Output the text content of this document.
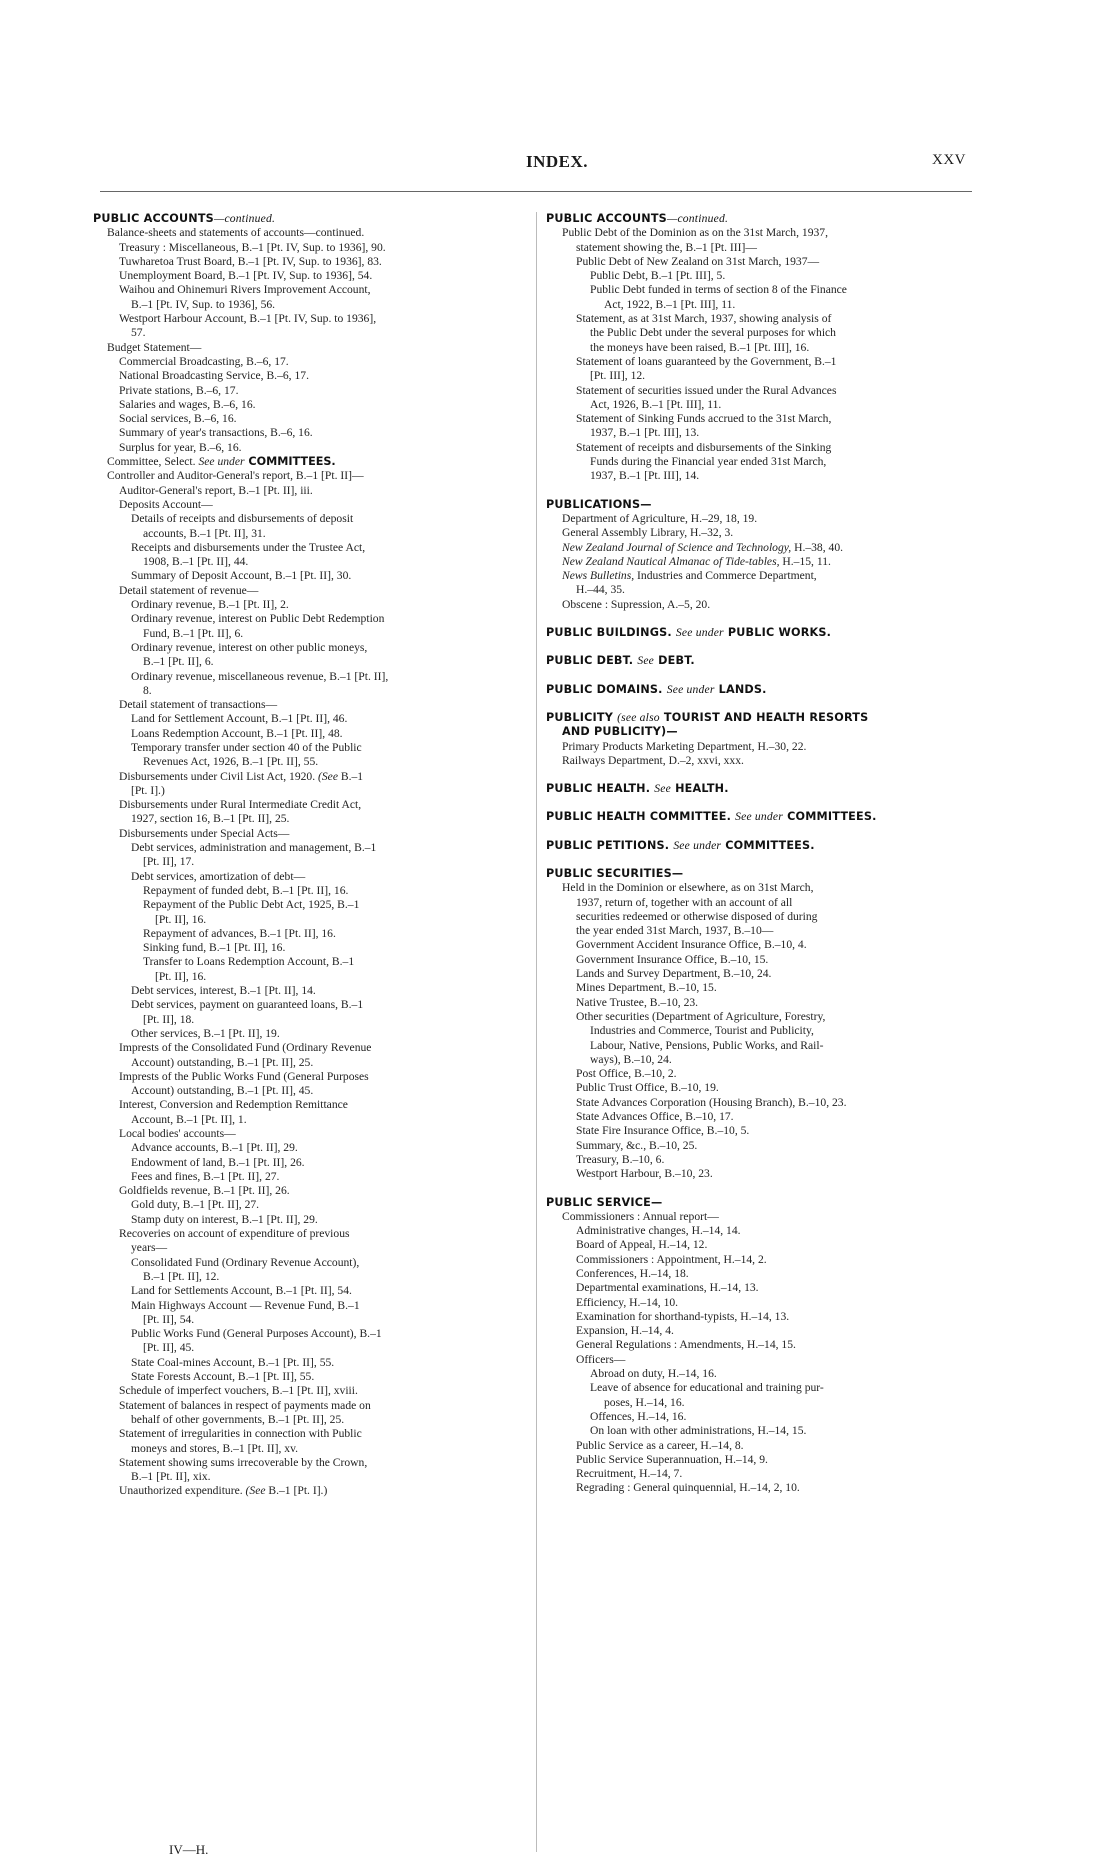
INDEX.	XXV
PUBLIC ACCOUNTS—continued.
Balance-sheets and statements of accounts—continued.
Treasury : Miscellaneous, B.–1 [Pt. IV, Sup. to 1936], 90.
Tuwharetoa Trust Board, B.–1 [Pt. IV, Sup. to 1936], 83.
Unemployment Board, B.–1 [Pt. IV, Sup. to 1936], 54.
Waihou and Ohinemuri Rivers Improvement Account,
B.–1 [Pt. IV, Sup. to 1936], 56.
Westport Harbour Account, B.–1 [Pt. IV, Sup. to 1936],
57.
Budget Statement—
Commercial Broadcasting, B.–6, 17.
National Broadcasting Service, B.–6, 17.
Private stations, B.–6, 17.
Salaries and wages, B.–6, 16.
Social services, B.–6, 16.
Summary of year's transactions, B.–6, 16.
Surplus for year, B.–6, 16.
Committee, Select. See under COMMITTEES.
Controller and Auditor-General's report, B.–1 [Pt. II]—
Auditor-General's report, B.–1 [Pt. II], iii.
Deposits Account—
Details of receipts and disbursements of deposit
accounts, B.–1 [Pt. II], 31.
Receipts and disbursements under the Trustee Act,
1908, B.–1 [Pt. II], 44.
Summary of Deposit Account, B.–1 [Pt. II], 30.
Detail statement of revenue—
Ordinary revenue, B.–1 [Pt. II], 2.
Ordinary revenue, interest on Public Debt Redemption
Fund, B.–1 [Pt. II], 6.
Ordinary revenue, interest on other public moneys,
B.–1 [Pt. II], 6.
Ordinary revenue, miscellaneous revenue, B.–1 [Pt. II],
8.
Detail statement of transactions—
Land for Settlement Account, B.–1 [Pt. II], 46.
Loans Redemption Account, B.–1 [Pt. II], 48.
Temporary transfer under section 40 of the Public
Revenues Act, 1926, B.–1 [Pt. II], 55.
Disbursements under Civil List Act, 1920. (See B.–1
[Pt. I].)
Disbursements under Rural Intermediate Credit Act,
1927, section 16, B.–1 [Pt. II], 25.
Disbursements under Special Acts—
Debt services, administration and management, B.–1
[Pt. II], 17.
Debt services, amortization of debt—
Repayment of funded debt, B.–1 [Pt. II], 16.
Repayment of the Public Debt Act, 1925, B.–1
[Pt. II], 16.
Repayment of advances, B.–1 [Pt. II], 16.
Sinking fund, B.–1 [Pt. II], 16.
Transfer to Loans Redemption Account, B.–1
[Pt. II], 16.
Debt services, interest, B.–1 [Pt. II], 14.
Debt services, payment on guaranteed loans, B.–1
[Pt. II], 18.
Other services, B.–1 [Pt. II], 19.
Imprests of the Consolidated Fund (Ordinary Revenue
Account) outstanding, B.–1 [Pt. II], 25.
Imprests of the Public Works Fund (General Purposes
Account) outstanding, B.–1 [Pt. II], 45.
Interest, Conversion and Redemption Remittance
Account, B.–1 [Pt. II], 1.
Local bodies' accounts—
Advance accounts, B.–1 [Pt. II], 29.
Endowment of land, B.–1 [Pt. II], 26.
Fees and fines, B.–1 [Pt. II], 27.
Goldfields revenue, B.–1 [Pt. II], 26.
Gold duty, B.–1 [Pt. II], 27.
Stamp duty on interest, B.–1 [Pt. II], 29.
Recoveries on account of expenditure of previous
years—
Consolidated Fund (Ordinary Revenue Account),
B.–1 [Pt. II], 12.
Land for Settlements Account, B.–1 [Pt. II], 54.
Main Highways Account — Revenue Fund, B.–1
[Pt. II], 54.
Public Works Fund (General Purposes Account), B.–1
[Pt. II], 45.
State Coal-mines Account, B.–1 [Pt. II], 55.
State Forests Account, B.–1 [Pt. II], 55.
Schedule of imperfect vouchers, B.–1 [Pt. II], xviii.
Statement of balances in respect of payments made on
behalf of other governments, B.–1 [Pt. II], 25.
Statement of irregularities in connection with Public
moneys and stores, B.–1 [Pt. II], xv.
Statement showing sums irrecoverable by the Crown,
B.–1 [Pt. II], xix.
Unauthorized expenditure. (See B.–1 [Pt. I].)
PUBLIC ACCOUNTS—continued.
Public Debt of the Dominion as on the 31st March, 1937,
statement showing the, B.–1 [Pt. III]—
Public Debt of New Zealand on 31st March, 1937—
Public Debt, B.–1 [Pt. III], 5.
Public Debt funded in terms of section 8 of the Finance
Act, 1922, B.–1 [Pt. III], 11.
Statement, as at 31st March, 1937, showing analysis of
the Public Debt under the several purposes for which
the moneys have been raised, B.–1 [Pt. III], 16.
Statement of loans guaranteed by the Government, B.–1
[Pt. III], 12.
Statement of securities issued under the Rural Advances
Act, 1926, B.–1 [Pt. III], 11.
Statement of Sinking Funds accrued to the 31st March,
1937, B.–1 [Pt. III], 13.
Statement of receipts and disbursements of the Sinking
Funds during the Financial year ended 31st March,
1937, B.–1 [Pt. III], 14.
PUBLICATIONS—
Department of Agriculture, H.–29, 18, 19.
General Assembly Library, H.–32, 3.
New Zealand Journal of Science and Technology, H.–38, 40.
New Zealand Nautical Almanac of Tide-tables, H.–15, 11.
News Bulletins, Industries and Commerce Department,
H.–44, 35.
Obscene : Supression, A.–5, 20.
PUBLIC BUILDINGS. See under PUBLIC WORKS.
PUBLIC DEBT. See DEBT.
PUBLIC DOMAINS. See under LANDS.
PUBLICITY (see also TOURIST AND HEALTH RESORTS
AND PUBLICITY)—
Primary Products Marketing Department, H.–30, 22.
Railways Department, D.–2, xxvi, xxx.
PUBLIC HEALTH. See HEALTH.
PUBLIC HEALTH COMMITTEE. See under COMMITTEES.
PUBLIC PETITIONS. See under COMMITTEES.
PUBLIC SECURITIES—
Held in the Dominion or elsewhere, as on 31st March,
1937, return of, together with an account of all
securities redeemed or otherwise disposed of during
the year ended 31st March, 1937, B.–10—
Government Accident Insurance Office, B.–10, 4.
Government Insurance Office, B.–10, 15.
Lands and Survey Department, B.–10, 24.
Mines Department, B.–10, 15.
Native Trustee, B.–10, 23.
Other securities (Department of Agriculture, Forestry,
Industries and Commerce, Tourist and Publicity,
Labour, Native, Pensions, Public Works, and Rail-
ways), B.–10, 24.
Post Office, B.–10, 2.
Public Trust Office, B.–10, 19.
State Advances Corporation (Housing Branch), B.–10, 23.
State Advances Office, B.–10, 17.
State Fire Insurance Office, B.–10, 5.
Summary, &c., B.–10, 25.
Treasury, B.–10, 6.
Westport Harbour, B.–10, 23.
PUBLIC SERVICE—
Commissioners : Annual report—
Administrative changes, H.–14, 14.
Board of Appeal, H.–14, 12.
Commissioners : Appointment, H.–14, 2.
Conferences, H.–14, 18.
Departmental examinations, H.–14, 13.
Efficiency, H.–14, 10.
Examination for shorthand-typists, H.–14, 13.
Expansion, H.–14, 4.
General Regulations : Amendments, H.–14, 15.
Officers—
Abroad on duty, H.–14, 16.
Leave of absence for educational and training pur-
poses, H.–14, 16.
Offences, H.–14, 16.
On loan with other administrations, H.–14, 15.
Public Service as a career, H.–14, 8.
Public Service Superannuation, H.–14, 9.
Recruitment, H.–14, 7.
Regrading : General quinquennial, H.–14, 2, 10.
IV—H.
